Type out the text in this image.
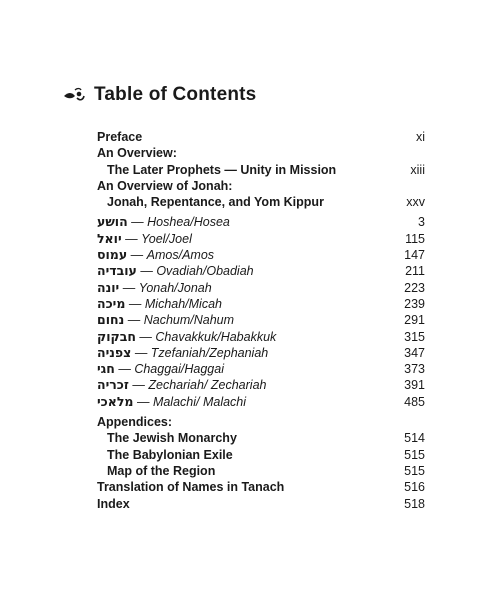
Table of Contents
Preface	xi
An Overview:
The Later Prophets — Unity in Mission	xiii
An Overview of Jonah:
Jonah, Repentance, and Yom Kippur	xxv
הושע — Hoshea/Hosea	3
יואל — Yoel/Joel	115
עמוס — Amos/Amos	147
עובדיה — Ovadiah/Obadiah	211
יונה — Yonah/Jonah	223
מיכה — Michah/Micah	239
נחום — Nachum/Nahum	291
חבקוק — Chavakkuk/Habakkuk	315
צפניה — Tzefaniah/Zephaniah	347
חגי — Chaggai/Haggai	373
זכריה — Zechariah/ Zechariah	391
מלאכי — Malachi/ Malachi	485
Appendices:
The Jewish Monarchy	514
The Babylonian Exile	515
Map of the Region	515
Translation of Names in Tanach	516
Index	518
